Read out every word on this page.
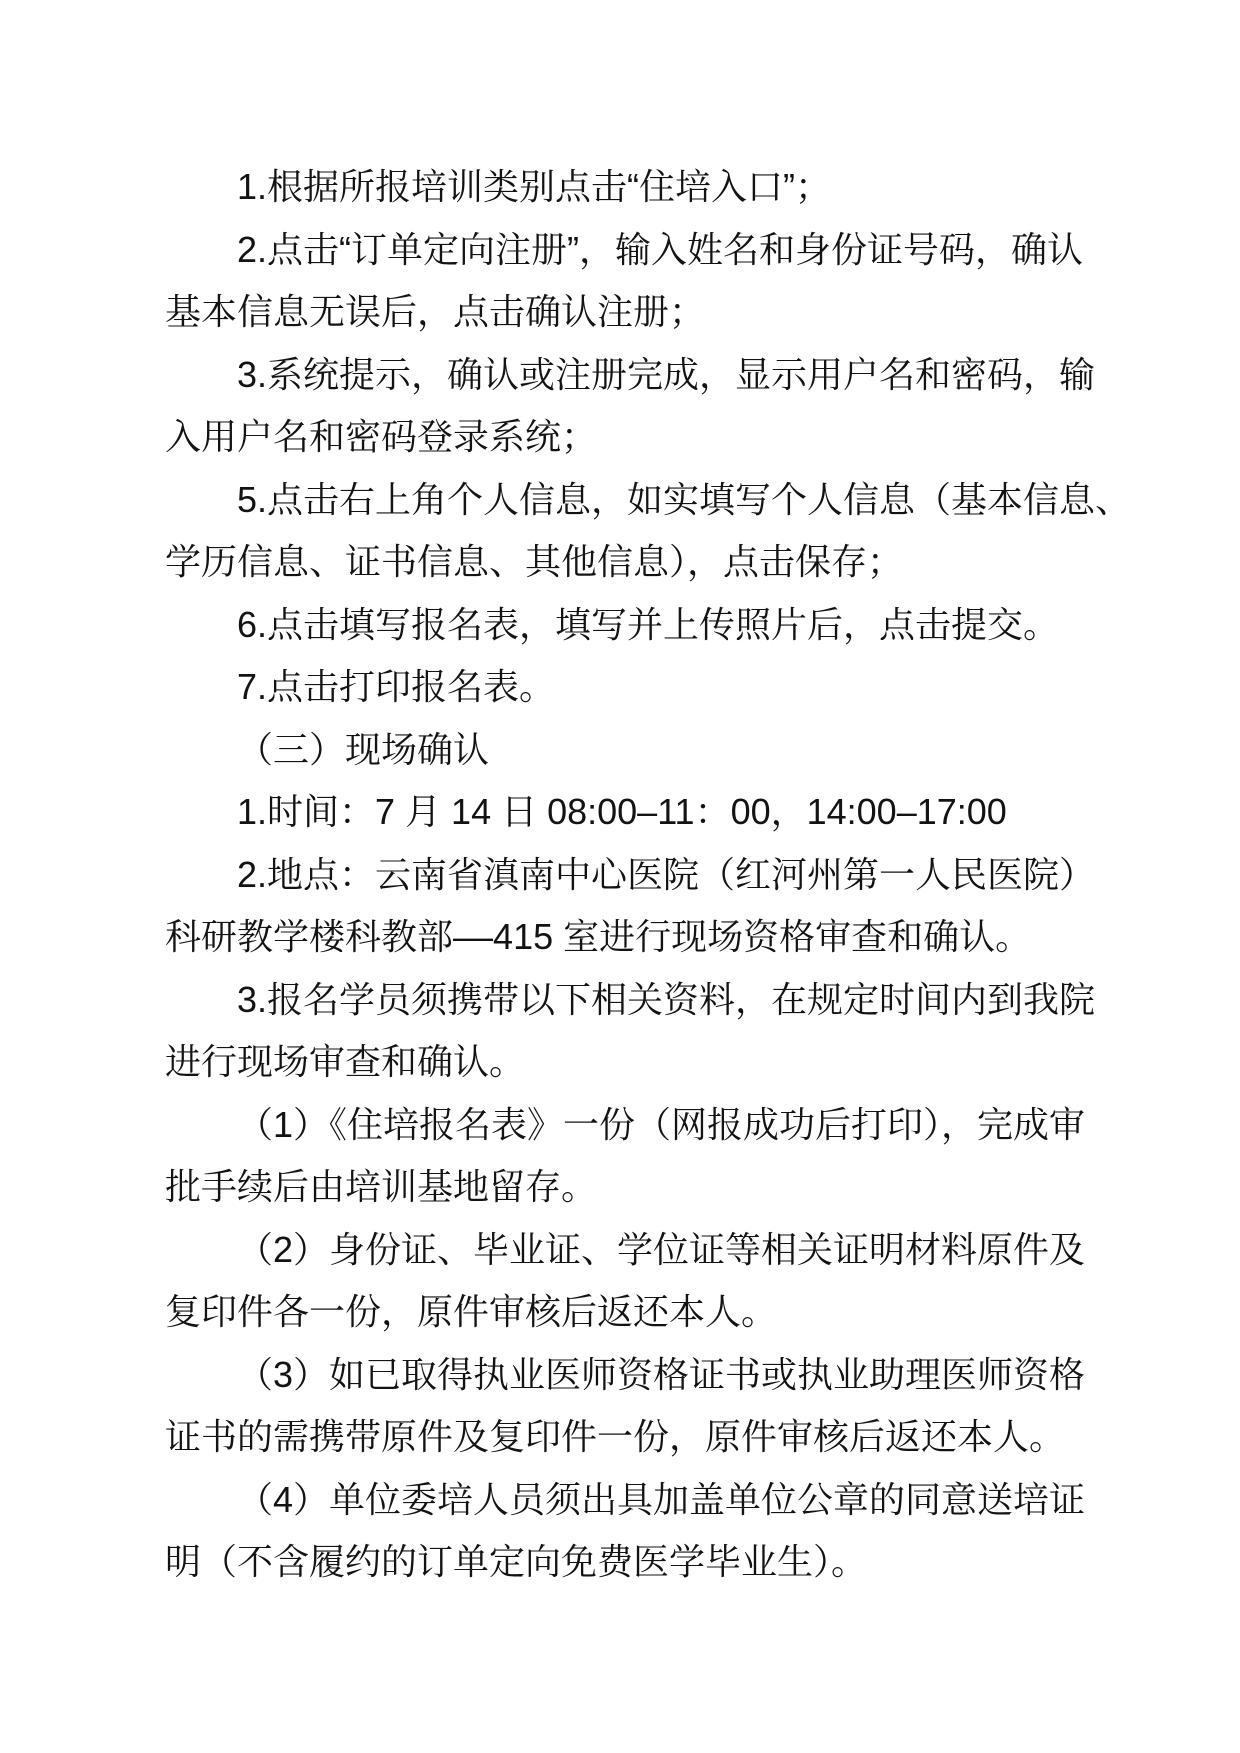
1.根据所报培训类别点击“住培入口”；
2.点击“订单定向注册”，输入姓名和身份证号码，确认
基本信息无误后，点击确认注册；
3.系统提示，确认或注册完成，显示用户名和密码，输
入用户名和密码登录系统；
5.点击右上角个人信息，如实填写个人信息（基本信息、
学历信息、证书信息、其他信息），点击保存；
6.点击填写报名表，填写并上传照片后，点击提交。
7.点击打印报名表。
（三）现场确认
1.时间：7 月 14 日 08:00–11：00，14:00–17:00
2.地点：云南省滇南中心医院（红河州第一人民医院）
科研教学楼科教部––415 室进行现场资格审查和确认。
3.报名学员须携带以下相关资料，在规定时间内到我院
进行现场审查和确认。
（1）《住培报名表》一份（网报成功后打印），完成审
批手续后由培训基地留存。
（2）身份证、毕业证、学位证等相关证明材料原件及
复印件各一份，原件审核后返还本人。
（3）如已取得执业医师资格证书或执业助理医师资格
证书的需携带原件及复印件一份，原件审核后返还本人。
（4）单位委培人员须出具加盖单位公章的同意送培证
明（不含履约的订单定向免费医学毕业生）。
